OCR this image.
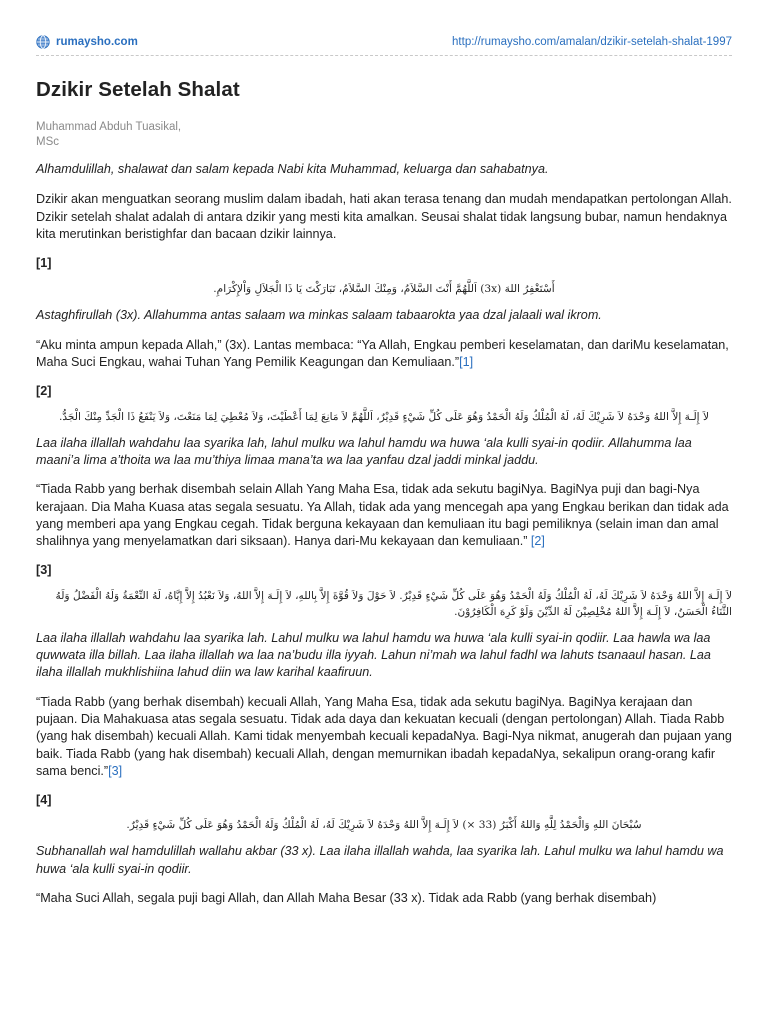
rumaysho.com	http://rumaysho.com/amalan/dzikir-setelah-shalat-1997
Dzikir Setelah Shalat
Muhammad Abduh Tuasikal,
MSc

Alhamdulillah, shalawat dan salam kepada Nabi kita Muhammad, keluarga dan sahabatnya.

Dzikir akan menguatkan seorang muslim dalam ibadah, hati akan terasa tenang dan mudah mendapatkan pertolongan Allah. Dzikir setelah shalat adalah di antara dzikir yang mesti kita amalkan. Seusai shalat tidak langsung bubar, namun hendaknya kita merutinkan beristighfar dan bacaan dzikir lainnya.

[1]

أَسْتَغْفِرُ اللهَ (3x) اَللَّهُمَّ أَنْتَ السَّلاَمُ، وَمِنْكَ السَّلاَمُ، تَبَارَكْتَ يَا ذَا الْجَلاَلِ وَاْلإِكْرَامِ.

Astaghfirullah (3x). Allahumma antas salaam wa minkas salaam tabaarokta yaa dzal jalaali wal ikrom.

“Aku minta ampun kepada Allah,” (3x). Lantas membaca: “Ya Allah, Engkau pemberi keselamatan, dan dariMu keselamatan, Maha Suci Engkau, wahai Tuhan Yang Pemilik Keagungan dan Kemuliaan.”[1]

[2]

لاَ إِلَـهَ إِلاَّ اللهُ وَحْدَهُ لاَ شَرِيْكَ لَهُ، لَهُ الْمُلْكُ وَلَهُ الْحَمْدُ وَهُوَ عَلَى كُلِّ شَيْءٍ قَدِيْرٌ، اَللَّهُمَّ لاَ مَانِعَ لِمَا أَعْطَيْتَ، وَلاَ مُعْطِيَ لِمَا مَنَعْتَ، وَلاَ يَنْفَعُ ذَا الْجَدِّ مِنْكَ الْجَدُّ.

Laa ilaha illallah wahdahu laa syarika lah, lahul mulku wa lahul hamdu wa huwa ‘ala kulli syai-in qodiir. Allahumma laa maani’a lima a’thoita wa laa mu’thiya limaa mana’ta wa laa yanfau dzal jaddi minkal jaddu.

“Tiada Rabb yang berhak disembah selain Allah Yang Maha Esa, tidak ada sekutu bagiNya. BagiNya puji dan bagi-Nya kerajaan. Dia Maha Kuasa atas segala sesuatu. Ya Allah, tidak ada yang mencegah apa yang Engkau berikan dan tidak ada yang memberi apa yang Engkau cegah. Tidak berguna kekayaan dan kemuliaan itu bagi pemiliknya (selain iman dan amal shalihnya yang menyelamatkan dari siksaan). Hanya dari-Mu kekayaan dan kemuliaan.” [2]

[3]

لاَ إِلَـهَ إِلاَّ اللهُ وَحْدَهُ لاَ شَرِيْكَ لَهُ، لَهُ الْمُلْكُ وَلَهُ الْحَمْدُ وَهُوَ عَلَى كُلِّ شَيْءٍ قَدِيْرٌ. لاَ حَوْلَ وَلاَ قُوَّةَ إِلاَّ بِاللهِ، لاَ إِلَـهَ إِلاَّ اللهُ، وَلاَ نَعْبُدُ إِلاَّ إِيَّاهُ، لَهُ النِّعْمَةُ وَلَهُ الْفَضْلُ وَلَهُ الثَّنَاءُ الْحَسَنُ، لاَ إِلَـهَ إِلاَّ اللهُ مُخْلِصِيْنَ لَهُ الدِّيْنَ وَلَوْ كَرِهَ الْكَافِرُوْنَ.

Laa ilaha illallah wahdahu laa syarika lah. Lahul mulku wa lahul hamdu wa huwa ‘ala kulli syai-in qodiir. Laa hawla wa laa quwwata illa billah. Laa ilaha illallah wa laa na’budu illa iyyah. Lahun ni’mah wa lahul fadhl wa lahuts tsanaaul hasan. Laa ilaha illallah mukhlishiina lahud diin wa law karihal kaafiruun.

“Tiada Rabb (yang berhak disembah) kecuali Allah, Yang Maha Esa, tidak ada sekutu bagiNya. BagiNya kerajaan dan pujaan. Dia Mahakuasa atas segala sesuatu. Tidak ada daya dan kekuatan kecuali (dengan pertolongan) Allah. Tiada Rabb (yang hak disembah) kecuali Allah. Kami tidak menyembah kecuali kepadaNya. Bagi-Nya nikmat, anugerah dan pujaan yang baik. Tiada Rabb (yang hak disembah) kecuali Allah, dengan memurnikan ibadah kepadaNya, sekalipun orang-orang kafir sama benci.”[3]

[4]

سُبْحَانَ اللهِ وَالْحَمْدُ لِلَّهِ وَاللهُ أَكْبَرُ (33 ×) لاَ إِلَـهَ إِلاَّ اللهُ وَحْدَهُ لاَ شَرِيْكَ لَهُ، لَهُ الْمُلْكُ وَلَهُ الْحَمْدُ وَهُوَ عَلَى كُلِّ شَيْءٍ قَدِيْرٌ.

Subhanallah wal hamdulillah wallahu akbar (33 x). Laa ilaha illallah wahda, laa syarika lah. Lahul mulku wa lahul hamdu wa huwa ‘ala kulli syai-in qodiir.

“Maha Suci Allah, segala puji bagi Allah, dan Allah Maha Besar (33 x). Tidak ada Rabb (yang berhak disembah)
